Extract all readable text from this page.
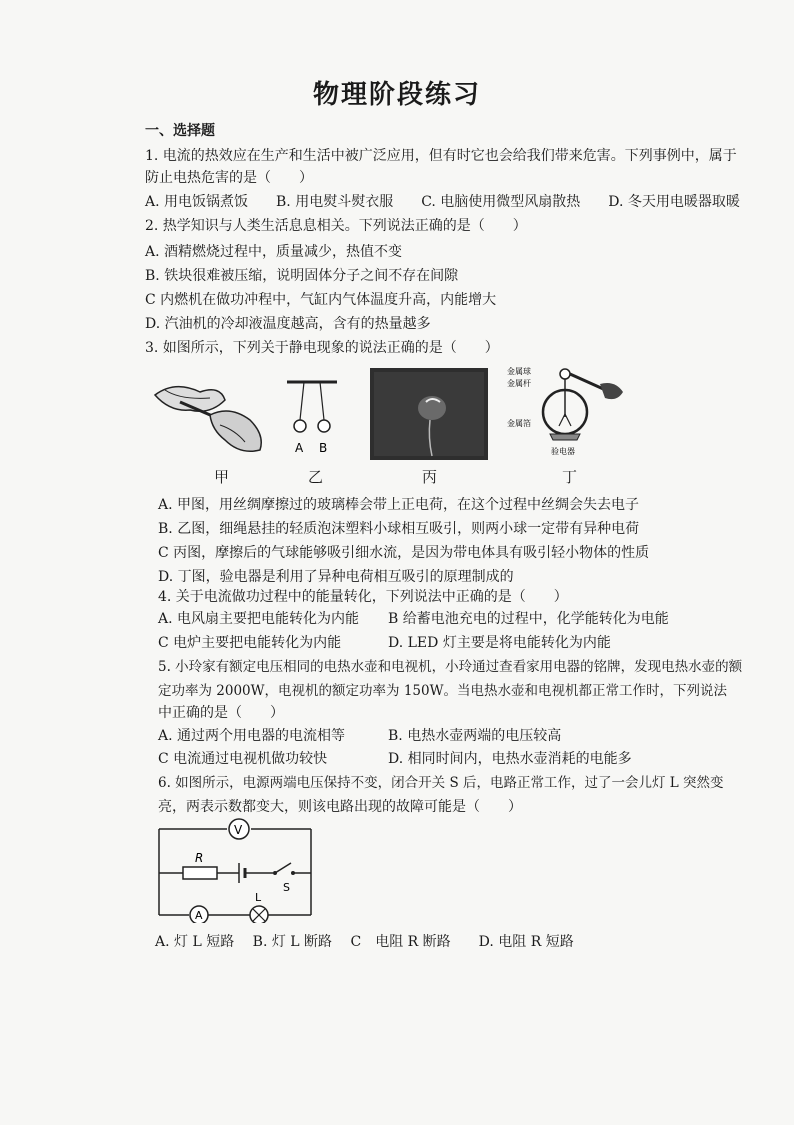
物理阶段练习
一、选择题
1. 电流的热效应在生产和生活中被广泛应用，但有时它也会给我们带来危害。下列事例中，属于
防止电热危害的是（　　）
A. 用电饭锅煮饭　　B. 用电熨斗熨衣服　　C. 电脑使用微型风扇散热　　D. 冬天用电暖器取暖
2. 热学知识与人类生活息息相关。下列说法正确的是（　　）
A. 酒精燃烧过程中，质量减少，热值不变
B. 铁块很难被压缩，说明固体分子之间不存在间隙
C 内燃机在做功冲程中，气缸内气体温度升高，内能增大
D. 汽油机的冷却液温度越高，含有的热量越多
3. 如图所示，下列关于静电现象的说法正确的是（　　）
甲
A B
乙	丙
金属球
金属杆
金属箔
验电器
丁
A. 甲图，用丝绸摩擦过的玻璃棒会带上正电荷，在这个过程中丝绸会失去电子
B. 乙图，细绳悬挂的轻质泡沫塑料小球相互吸引，则两小球一定带有异种电荷
C 丙图，摩擦后的气球能够吸引细水流，是因为带电体具有吸引轻小物体的性质
D. 丁图，验电器是利用了异种电荷相互吸引的原理制成的
4. 关于电流做功过程中的能量转化，下列说法中正确的是（　　）
A. 电风扇主要把电能转化为内能 B 给蓄电池充电的过程中，化学能转化为电能
C 电炉主要把电能转化为内能	D. LED 灯主要是将电能转化为内能
5. 小玲家有额定电压相同的电热水壶和电视机，小玲通过查看家用电器的铭牌，发现电热水壶的额
定功率为 2000W，电视机的额定功率为 150W。当电热水壶和电视机都正常工作时，下列说法
中正确的是（　　）
A. 通过两个用电器的电流相等	B. 电热水壶两端的电压较高
C 电流通过电视机做功较快	D. 相同时间内，电热水壶消耗的电能多
6. 如图所示，电源两端电压保持不变，闭合开关 S 后，电路正常工作，过了一会儿灯 L 突然变
亮，两表示数都变大，则该电路出现的故障可能是（　　）
V
R
S
A
L
A. 灯 L 短路　 B. 灯 L 断路　 C　电阻 R 断路　　D. 电阻 R 短路
